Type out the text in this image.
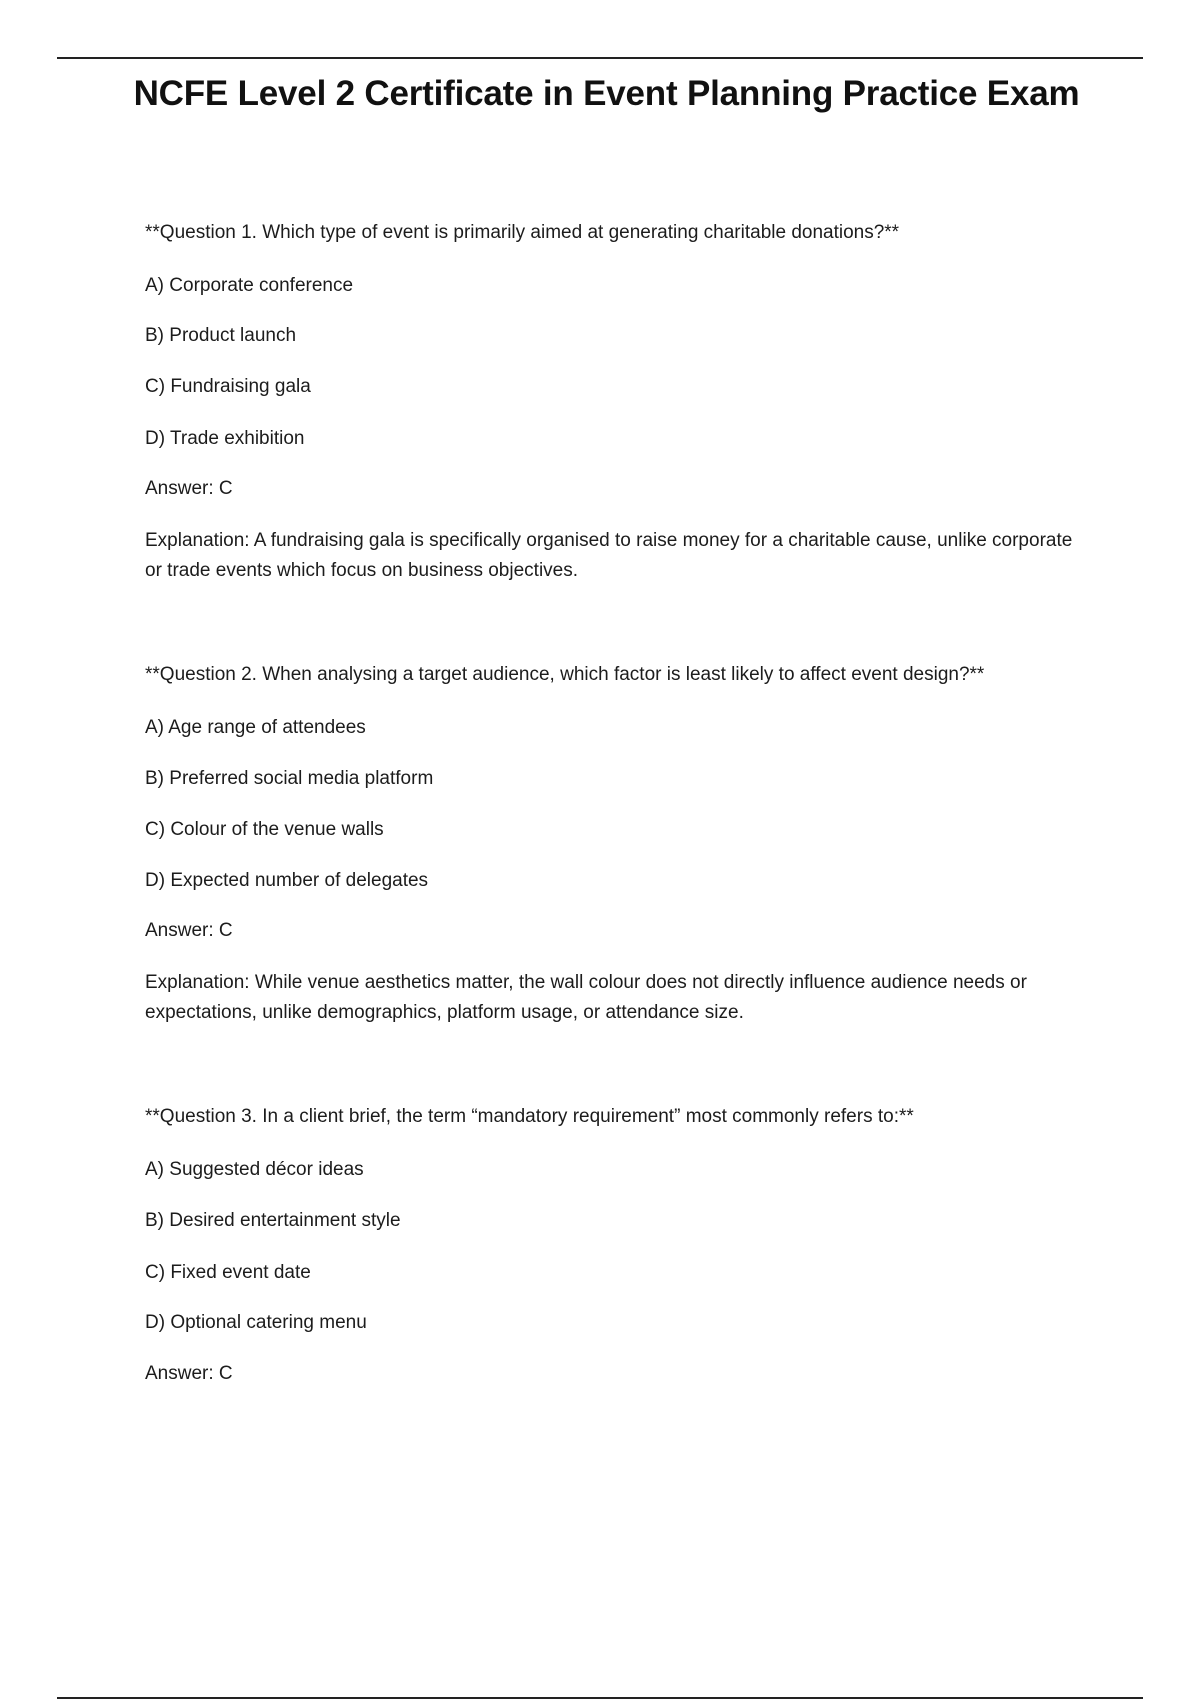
NCFE Level 2 Certificate in Event Planning Practice Exam
**Question 1. Which type of event is primarily aimed at generating charitable donations?**
A) Corporate conference
B) Product launch
C) Fundraising gala
D) Trade exhibition
Answer: C
Explanation: A fundraising gala is specifically organised to raise money for a charitable cause, unlike corporate or trade events which focus on business objectives.
**Question 2. When analysing a target audience, which factor is least likely to affect event design?**
A) Age range of attendees
B) Preferred social media platform
C) Colour of the venue walls
D) Expected number of delegates
Answer: C
Explanation: While venue aesthetics matter, the wall colour does not directly influence audience needs or expectations, unlike demographics, platform usage, or attendance size.
**Question 3. In a client brief, the term “mandatory requirement” most commonly refers to:**
A) Suggested décor ideas
B) Desired entertainment style
C) Fixed event date
D) Optional catering menu
Answer: C
